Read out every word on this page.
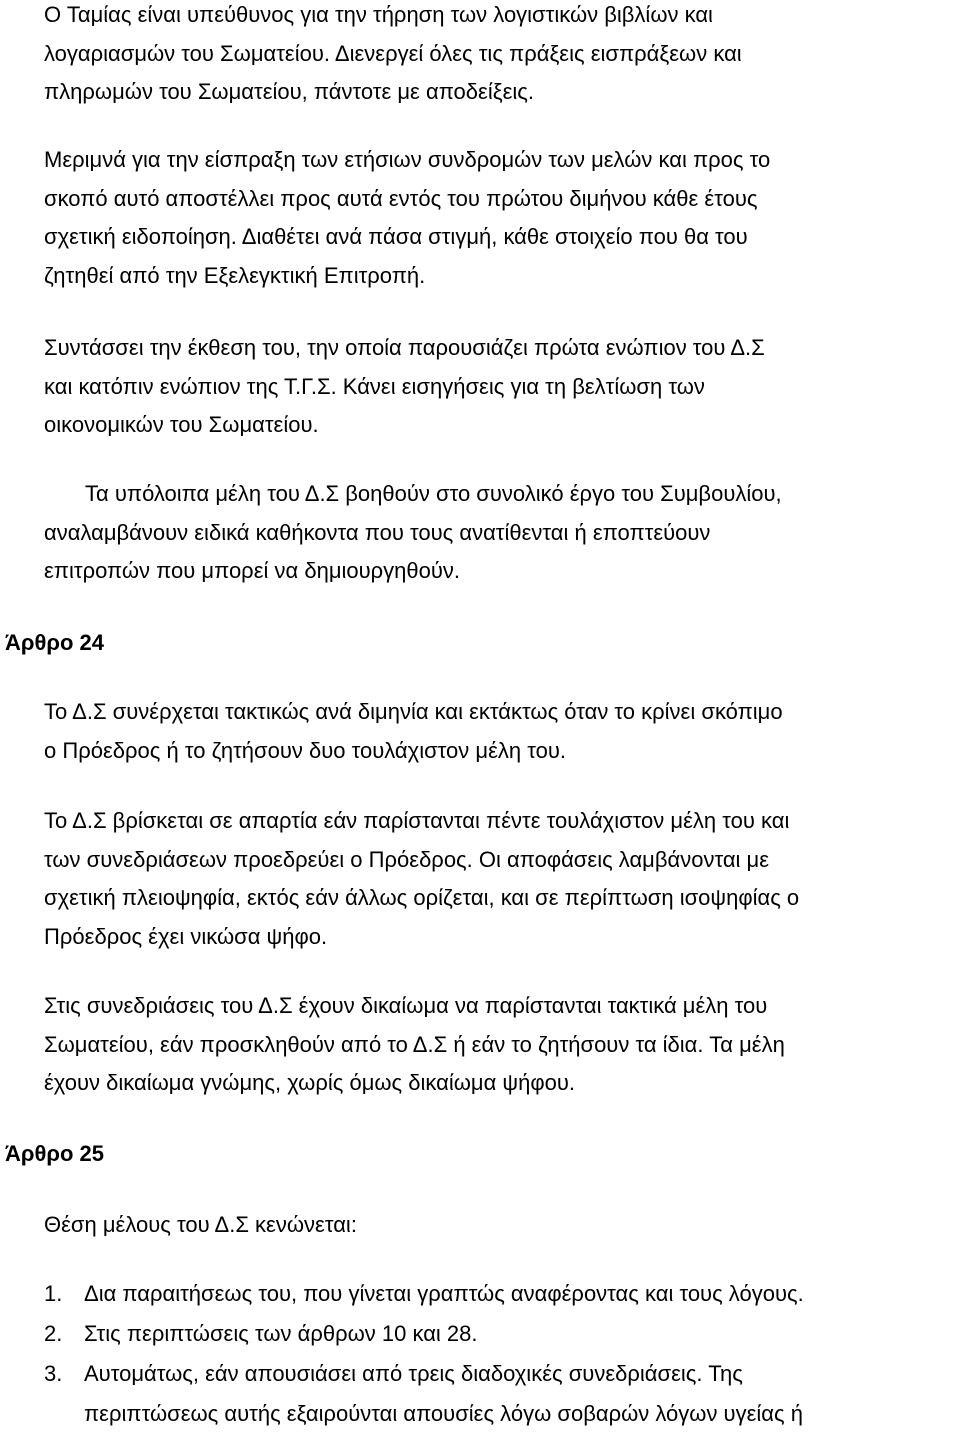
Ο Ταμίας είναι υπεύθυνος για την τήρηση των λογιστικών βιβλίων και
λογαριασμών του Σωματείου. Διενεργεί όλες τις πράξεις εισπράξεων και
πληρωμών του Σωματείου, πάντοτε με αποδείξεις.
Μεριμνά για την είσπραξη των ετήσιων συνδρομών των μελών και προς το
σκοπό αυτό αποστέλλει προς αυτά εντός του πρώτου διμήνου κάθε έτους
σχετική ειδοποίηση. Διαθέτει ανά πάσα στιγμή, κάθε στοιχείο που θα του
ζητηθεί από την Εξελεγκτική Επιτροπή.
Συντάσσει την έκθεση του, την οποία παρουσιάζει πρώτα ενώπιον του Δ.Σ
και κατόπιν ενώπιον της Τ.Γ.Σ. Κάνει εισηγήσεις για τη βελτίωση των
οικονομικών του Σωματείου.
Τα υπόλοιπα μέλη του Δ.Σ βοηθούν στο συνολικό έργο του Συμβουλίου,
αναλαμβάνουν ειδικά καθήκοντα που τους ανατίθενται ή εποπτεύουν
επιτροπών που μπορεί να δημιουργηθούν.
Άρθρο 24
Το Δ.Σ συνέρχεται τακτικώς ανά διμηνία και εκτάκτως όταν το κρίνει σκόπιμο
ο Πρόεδρος ή το ζητήσουν δυο τουλάχιστον μέλη του.
Το Δ.Σ βρίσκεται σε απαρτία εάν παρίστανται πέντε τουλάχιστον μέλη του και
των συνεδριάσεων προεδρεύει ο Πρόεδρος. Οι αποφάσεις λαμβάνονται με
σχετική πλειοψηφία, εκτός εάν άλλως ορίζεται, και σε περίπτωση ισοψηφίας ο
Πρόεδρος έχει νικώσα ψήφο.
Στις συνεδριάσεις του Δ.Σ έχουν δικαίωμα να παρίστανται τακτικά μέλη του
Σωματείου, εάν προσκληθούν από το Δ.Σ ή εάν το ζητήσουν τα ίδια. Τα μέλη
έχουν δικαίωμα γνώμης, χωρίς όμως δικαίωμα ψήφου.
Άρθρο 25
Θέση μέλους του Δ.Σ κενώνεται:
1. Δια παραιτήσεως του, που γίνεται γραπτώς αναφέροντας και τους λόγους.
2. Στις περιπτώσεις των άρθρων 10 και 28.
3. Αυτομάτως, εάν απουσιάσει από τρεις διαδοχικές συνεδριάσεις. Της
περιπτώσεως αυτής εξαιρούνται απουσίες λόγω σοβαρών λόγων υγείας ή
